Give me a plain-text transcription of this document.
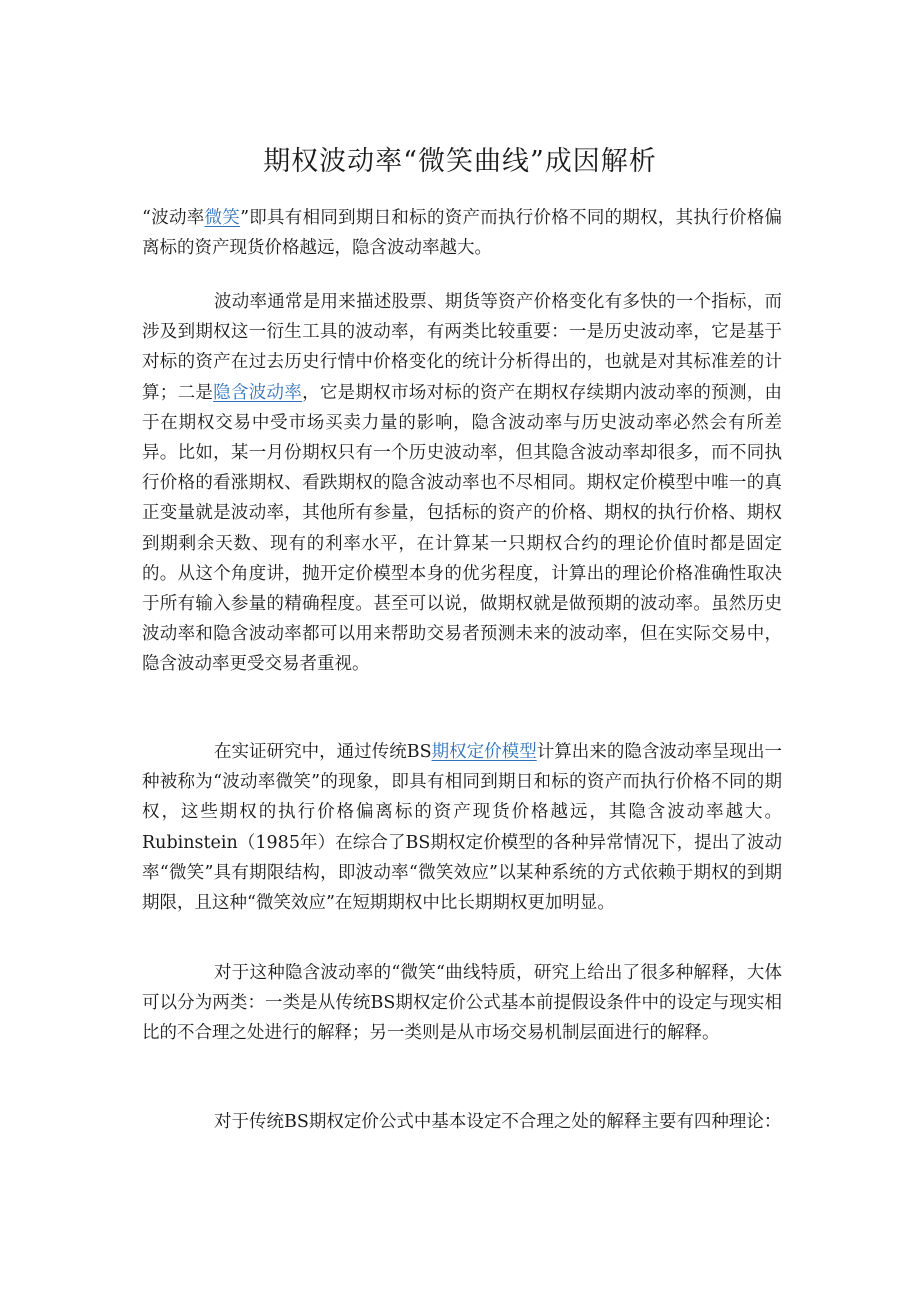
期权波动率“微笑曲线”成因解析

“波动率微笑”即具有相同到期日和标的资产而执行价格不同的期权，其执行价格偏离标的资产现货价格越远，隐含波动率越大。

波动率通常是用来描述股票、期货等资产价格变化有多快的一个指标，而涉及到期权这一衍生工具的波动率，有两类比较重要：一是历史波动率，它是基于对标的资产在过去历史行情中价格变化的统计分析得出的，也就是对其标准差的计算；二是隐含波动率，它是期权市场对标的资产在期权存续期内波动率的预测，由于在期权交易中受市场买卖力量的影响，隐含波动率与历史波动率必然会有所差异。比如，某一月份期权只有一个历史波动率，但其隐含波动率却很多，而不同执行价格的看涨期权、看跌期权的隐含波动率也不尽相同。期权定价模型中唯一的真正变量就是波动率，其他所有参量，包括标的资产的价格、期权的执行价格、期权到期剩余天数、现有的利率水平，在计算某一只期权合约的理论价值时都是固定的。从这个角度讲，抛开定价模型本身的优劣程度，计算出的理论价格准确性取决于所有输入参量的精确程度。甚至可以说，做期权就是做预期的波动率。虽然历史波动率和隐含波动率都可以用来帮助交易者预测未来的波动率，但在实际交易中，隐含波动率更受交易者重视。

在实证研究中，通过传统BS期权定价模型计算出来的隐含波动率呈现出一种被称为“波动率微笑”的现象，即具有相同到期日和标的资产而执行价格不同的期权，这些期权的执行价格偏离标的资产现货价格越远，其隐含波动率越大。Rubinstein（1985年）在综合了BS期权定价模型的各种异常情况下，提出了波动率“微笑”具有期限结构，即波动率“微笑效应”以某种系统的方式依赖于期权的到期期限，且这种“微笑效应”在短期期权中比长期期权更加明显。

对于这种隐含波动率的“微笑“曲线特质，研究上给出了很多种解释，大体可以分为两类：一类是从传统BS期权定价公式基本前提假设条件中的设定与现实相比的不合理之处进行的解释；另一类则是从市场交易机制层面进行的解释。

对于传统BS期权定价公式中基本设定不合理之处的解释主要有四种理论：
